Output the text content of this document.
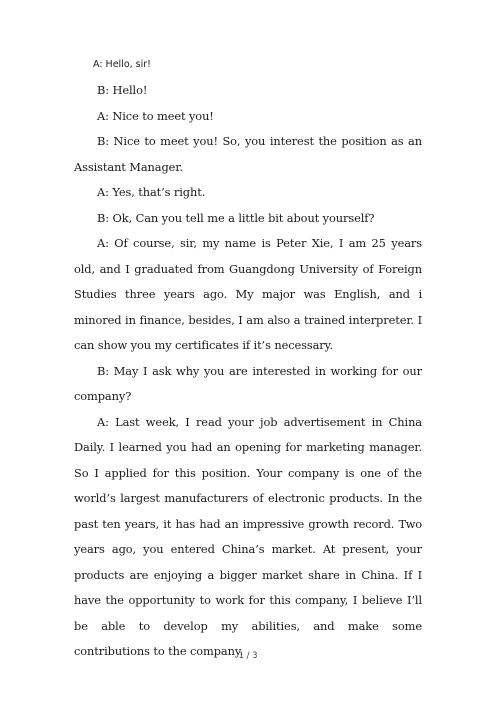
A: Hello, sir!

B: Hello!

A: Nice to meet you!

B: Nice to meet you! So, you interest the position as an Assistant Manager.

A: Yes, that’s right.

B: Ok, Can you tell me a little bit about yourself?

A: Of course, sir, my name is Peter Xie, I am 25 years old, and I graduated from Guangdong University of Foreign Studies three years ago. My major was English, and i minored in finance, besides, I am also a trained interpreter. I can show you my certificates if it’s necessary.

B: May I ask why you are interested in working for our company?

A: Last week, I read your job advertisement in China Daily. I learned you had an opening for marketing manager. So I applied for this position. Your company is one of the world’s largest manufacturers of electronic products. In the past ten years, it has had an impressive growth record. Two years ago, you entered China’s market. At present, your products are enjoying a bigger market share in China. If I have the opportunity to work for this company, I believe I’ll be able to develop my abilities, and make some contributions to the company.

1 / 3
